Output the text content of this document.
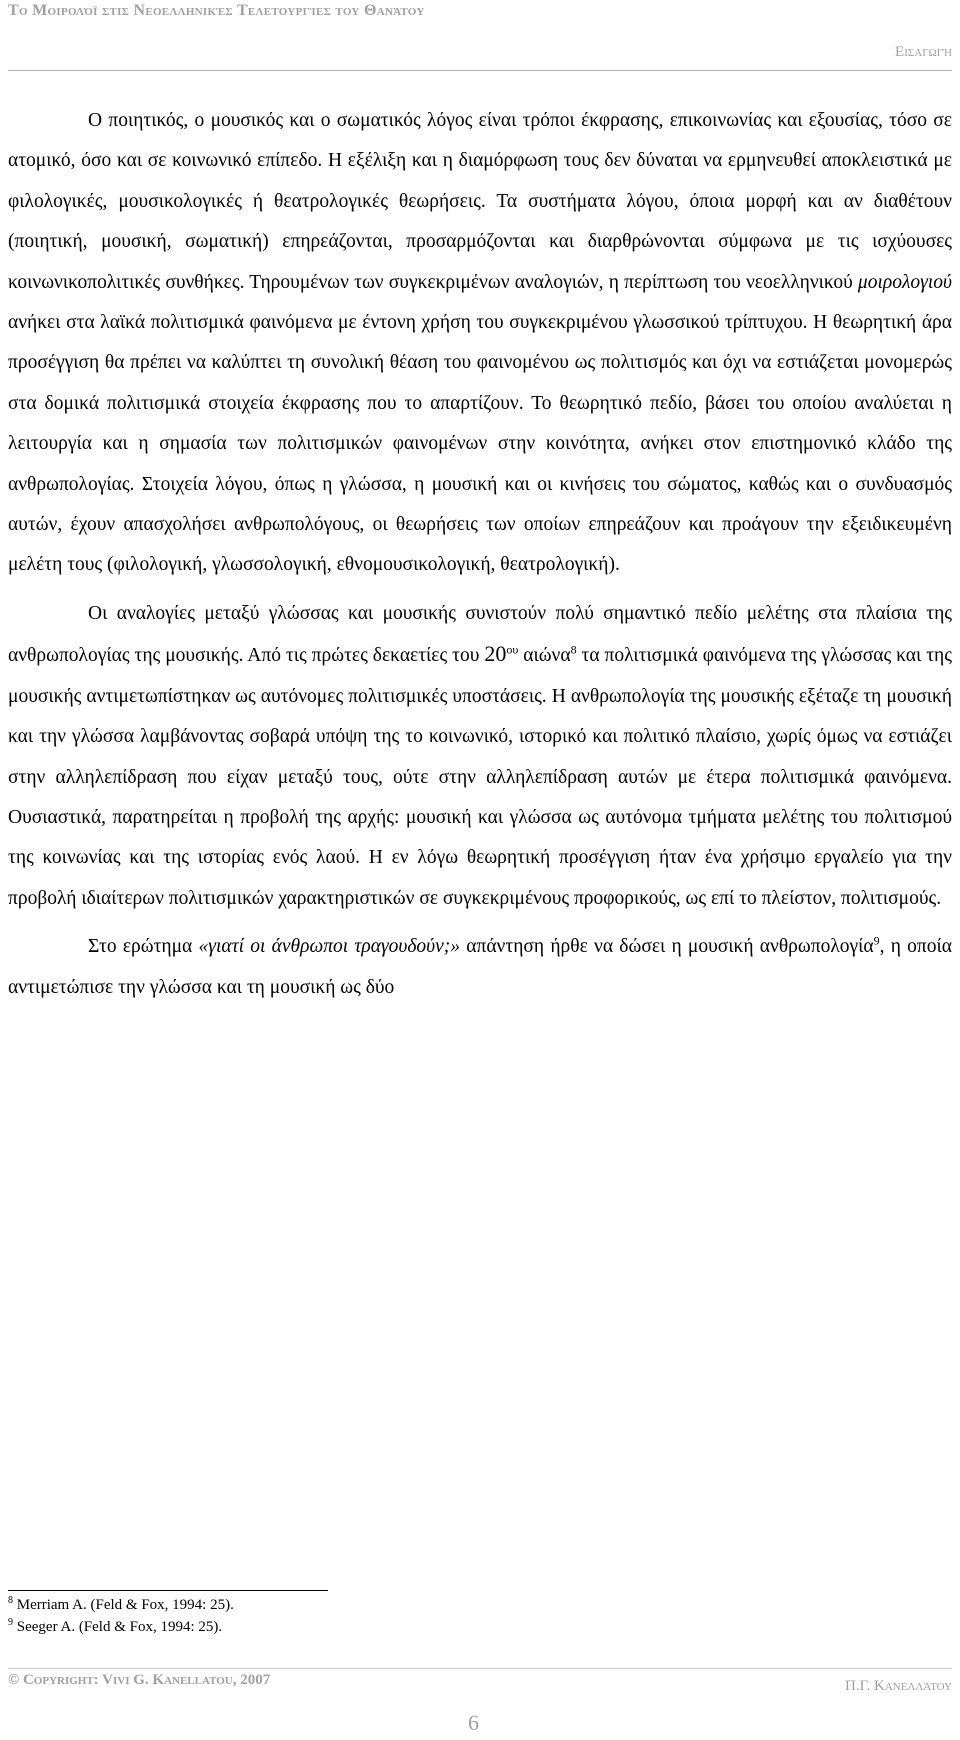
Το Μοιρολόϊ στις Νεοελληνικές Τελετουργίες του Θανάτου
Εισαγωγή

Ο ποιητικός, ο μουσικός και ο σωματικός λόγος είναι τρόποι έκφρασης, επικοινωνίας και εξουσίας, τόσο σε ατομικό, όσο και σε κοινωνικό επίπεδο. Η εξέλιξη και η διαμόρφωση τους δεν δύναται να ερμηνευθεί αποκλειστικά με φιλολογικές, μουσικολογικές ή θεατρολογικές θεωρήσεις. Τα συστήματα λόγου, όποια μορφή και αν διαθέτουν (ποιητική, μουσική, σωματική) επηρεάζονται, προσαρμόζονται και διαρθρώνονται σύμφωνα με τις ισχύουσες κοινωνικοπολιτικές συνθήκες. Τηρουμένων των συγκεκριμένων αναλογιών, η περίπτωση του νεοελληνικού μοιρολογιού ανήκει στα λαϊκά πολιτισμικά φαινόμενα με έντονη χρήση του συγκεκριμένου γλωσσικού τρίπτυχου. Η θεωρητική άρα προσέγγιση θα πρέπει να καλύπτει τη συνολική θέαση του φαινομένου ως πολιτισμός και όχι να εστιάζεται μονομερώς στα δομικά πολιτισμικά στοιχεία έκφρασης που το απαρτίζουν. Το θεωρητικό πεδίο, βάσει του οποίου αναλύεται η λειτουργία και η σημασία των πολιτισμικών φαινομένων στην κοινότητα, ανήκει στον επιστημονικό κλάδο της ανθρωπολογίας. Στοιχεία λόγου, όπως η γλώσσα, η μουσική και οι κινήσεις του σώματος, καθώς και ο συνδυασμός αυτών, έχουν απασχολήσει ανθρωπολόγους, οι θεωρήσεις των οποίων επηρεάζουν και προάγουν την εξειδικευμένη μελέτη τους (φιλολογική, γλωσσολογική, εθνομουσικολογική, θεατρολογική).

Οι αναλογίες μεταξύ γλώσσας και μουσικής συνιστούν πολύ σημαντικό πεδίο μελέτης στα πλαίσια της ανθρωπολογίας της μουσικής. Από τις πρώτες δεκαετίες του $20^{o\upsilon}$ αιώνα$^8$ τα πολιτισμικά φαινόμενα της γλώσσας και της μουσικής αντιμετωπίστηκαν ως αυτόνομες πολιτισμικές υποστάσεις. Η ανθρωπολογία της μουσικής εξέταζε τη μουσική και την γλώσσα λαμβάνοντας σοβαρά υπόψη της το κοινωνικό, ιστορικό και πολιτικό πλαίσιο, χωρίς όμως να εστιάζει στην αλληλεπίδραση που είχαν μεταξύ τους, ούτε στην αλληλεπίδραση αυτών με έτερα πολιτισμικά φαινόμενα. Ουσιαστικά, παρατηρείται η προβολή της αρχής: μουσική και γλώσσα ως αυτόνομα τμήματα μελέτης του πολιτισμού της κοινωνίας και της ιστορίας ενός λαού. Η εν λόγω θεωρητική προσέγγιση ήταν ένα χρήσιμο εργαλείο για την προβολή ιδιαίτερων πολιτισμικών χαρακτηριστικών σε συγκεκριμένους προφορικούς, ως επί το πλείστον, πολιτισμούς.

Στο ερώτημα «γιατί οι άνθρωποι τραγουδούν;» απάντηση ήρθε να δώσει η μουσική ανθρωπολογία$^9$, η οποία αντιμετώπισε την γλώσσα και τη μουσική ως δύο

$^8$ Merriam A. (Feld & Fox, 1994: 25).
$^9$ Seeger A. (Feld & Fox, 1994: 25).
© Copyright: Vivi G. Kanellatou, 2007
6
Π.Γ. Κανελλάτου
